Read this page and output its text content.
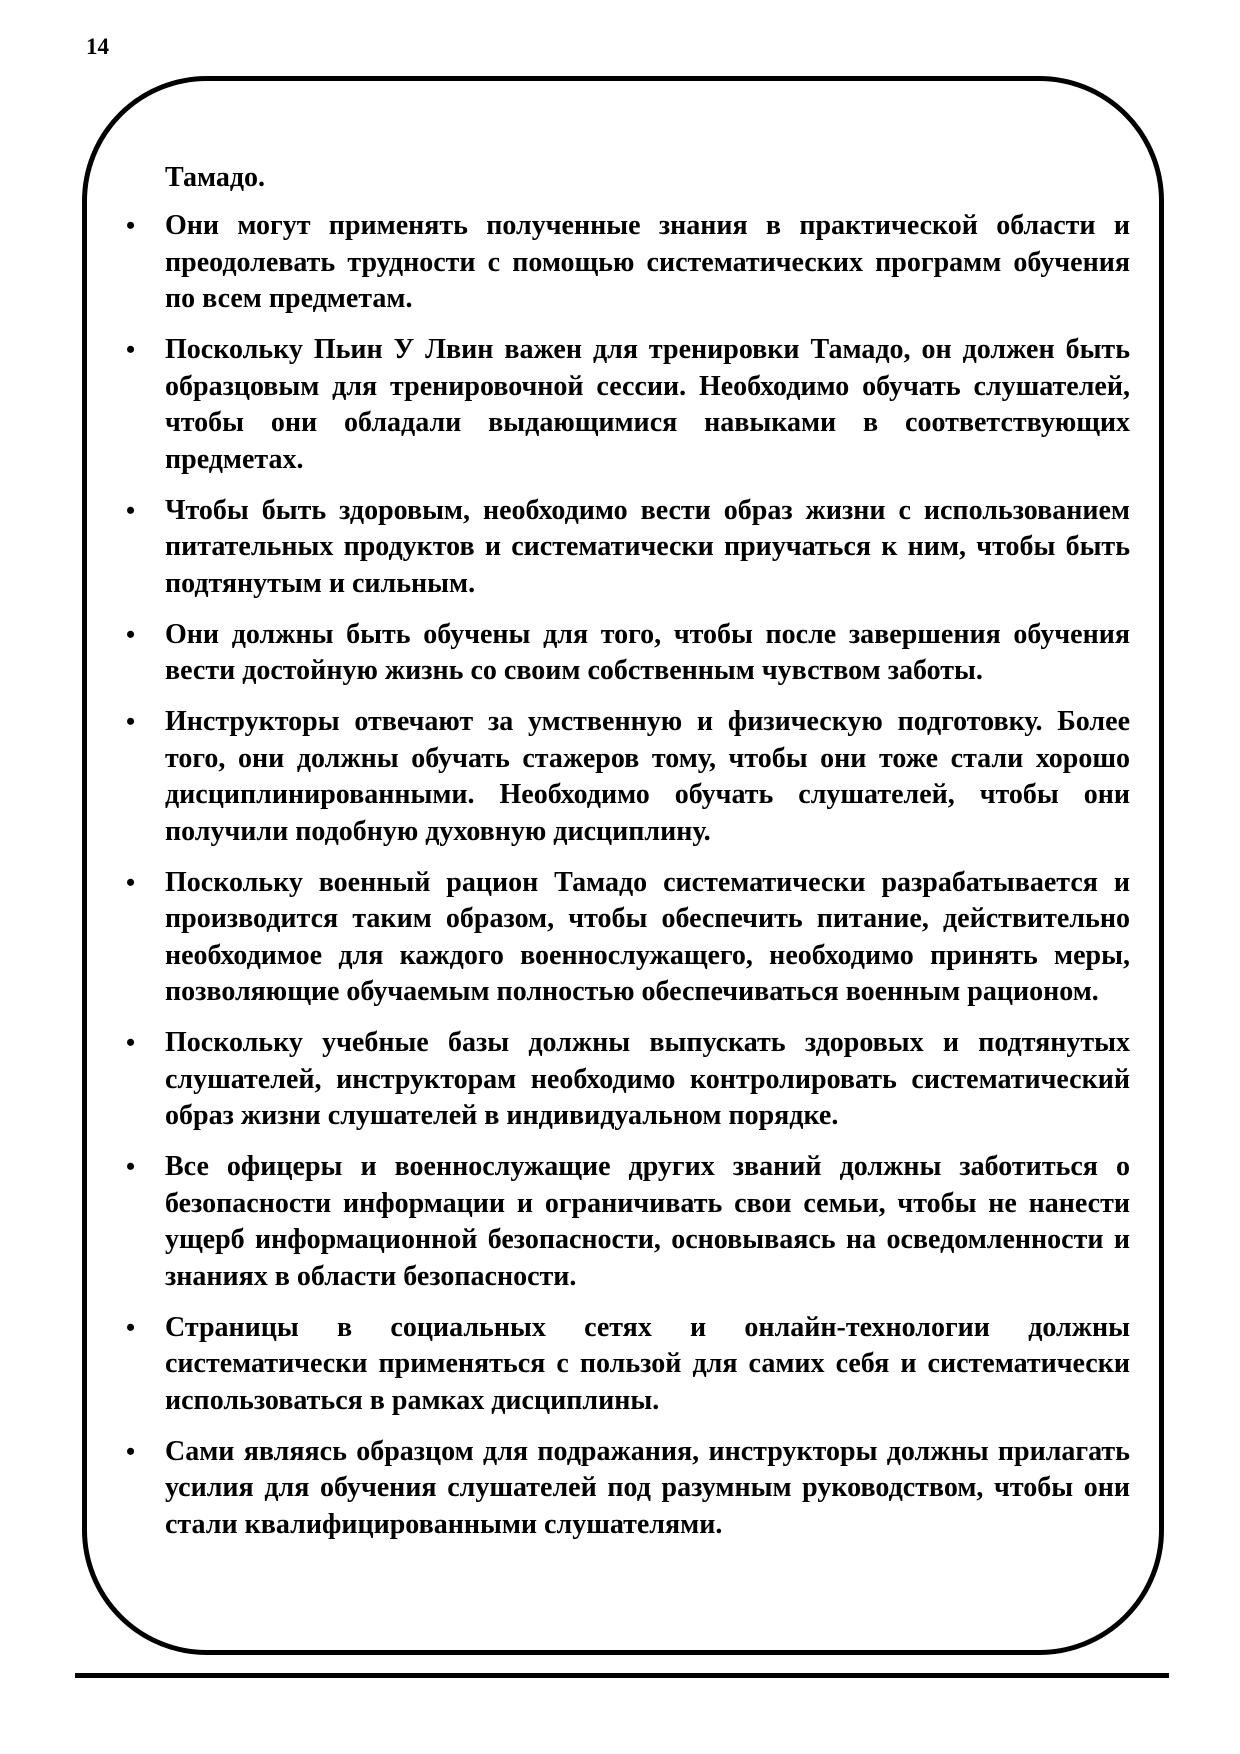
14

Тамадо.

• Они могут применять полученные знания в практической области и преодолевать трудности с помощью систематических программ обучения по всем предметам.
• Поскольку Пьин У Лвин важен для тренировки Тамадо, он должен быть образцовым для тренировочной сессии. Необходимо обучать слушателей, чтобы они обладали выдающимися навыками в соответствующих предметах.
• Чтобы быть здоровым, необходимо вести образ жизни с использованием питательных продуктов и систематически приучаться к ним, чтобы быть подтянутым и сильным.
• Они должны быть обучены для того, чтобы после завершения обучения вести достойную жизнь со своим собственным чувством заботы.
• Инструкторы отвечают за умственную и физическую подготовку. Более того, они должны обучать стажеров тому, чтобы они тоже стали хорошо дисциплинированными. Необходимо обучать слушателей, чтобы они получили подобную духовную дисциплину.
• Поскольку военный рацион Тамадо систематически разрабатывается и производится таким образом, чтобы обеспечить питание, действительно необходимое для каждого военнослужащего, необходимо принять меры, позволяющие обучаемым полностью обеспечиваться военным рационом.
• Поскольку учебные базы должны выпускать здоровых и подтянутых слушателей, инструкторам необходимо контролировать систематический образ жизни слушателей в индивидуальном порядке.
• Все офицеры и военнослужащие других званий должны заботиться о безопасности информации и ограничивать свои семьи, чтобы не нанести ущерб информационной безопасности, основываясь на осведомленности и знаниях в области безопасности.
• Страницы в социальных сетях и онлайн-технологии должны систематически применяться с пользой для самих себя и систематически использоваться в рамках дисциплины.
• Сами являясь образцом для подражания, инструкторы должны прилагать усилия для обучения слушателей под разумным руководством, чтобы они стали квалифицированными слушателями.
